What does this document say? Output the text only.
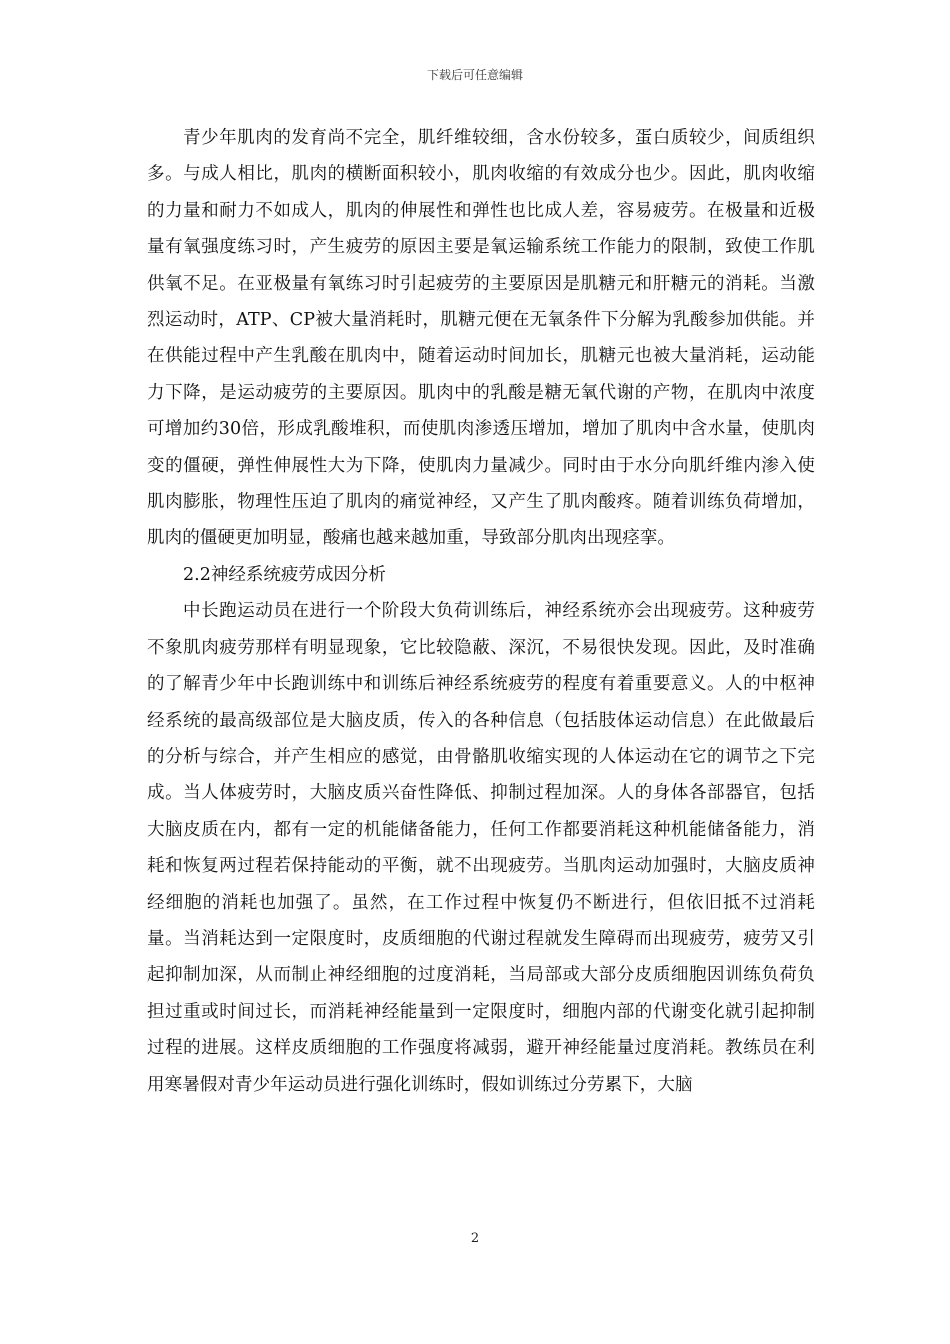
下载后可任意编辑

青少年肌肉的发育尚不完全，肌纤维较细，含水份较多，蛋白质较少，间质组织多。与成人相比，肌肉的横断面积较小，肌肉收缩的有效成分也少。因此，肌肉收缩的力量和耐力不如成人，肌肉的伸展性和弹性也比成人差，容易疲劳。在极量和近极量有氧强度练习时，产生疲劳的原因主要是氧运输系统工作能力的限制，致使工作肌供氧不足。在亚极量有氧练习时引起疲劳的主要原因是肌糖元和肝糖元的消耗。当激烈运动时，ATP、CP被大量消耗时，肌糖元便在无氧条件下分解为乳酸参加供能。并在供能过程中产生乳酸在肌肉中，随着运动时间加长，肌糖元也被大量消耗，运动能力下降，是运动疲劳的主要原因。肌肉中的乳酸是糖无氧代谢的产物，在肌肉中浓度可增加约30倍，形成乳酸堆积，而使肌肉渗透压增加，增加了肌肉中含水量，使肌肉变的僵硬，弹性伸展性大为下降，使肌肉力量减少。同时由于水分向肌纤维内渗入使肌肉膨胀，物理性压迫了肌肉的痛觉神经，又产生了肌肉酸疼。随着训练负荷增加，肌肉的僵硬更加明显，酸痛也越来越加重，导致部分肌肉出现痉挛。

2.2神经系统疲劳成因分析

中长跑运动员在进行一个阶段大负荷训练后，神经系统亦会出现疲劳。这种疲劳不象肌肉疲劳那样有明显现象，它比较隐蔽、深沉，不易很快发现。因此，及时准确的了解青少年中长跑训练中和训练后神经系统疲劳的程度有着重要意义。人的中枢神经系统的最高级部位是大脑皮质，传入的各种信息（包括肢体运动信息）在此做最后的分析与综合，并产生相应的感觉，由骨骼肌收缩实现的人体运动在它的调节之下完成。当人体疲劳时，大脑皮质兴奋性降低、抑制过程加深。人的身体各部器官，包括大脑皮质在内，都有一定的机能储备能力，任何工作都要消耗这种机能储备能力，消耗和恢复两过程若保持能动的平衡，就不出现疲劳。当肌肉运动加强时，大脑皮质神经细胞的消耗也加强了。虽然，在工作过程中恢复仍不断进行，但依旧抵不过消耗量。当消耗达到一定限度时，皮质细胞的代谢过程就发生障碍而出现疲劳，疲劳又引起抑制加深，从而制止神经细胞的过度消耗，当局部或大部分皮质细胞因训练负荷负担过重或时间过长，而消耗神经能量到一定限度时，细胞内部的代谢变化就引起抑制过程的进展。这样皮质细胞的工作强度将减弱，避开神经能量过度消耗。教练员在利用寒暑假对青少年运动员进行强化训练时，假如训练过分劳累下，大脑

2
